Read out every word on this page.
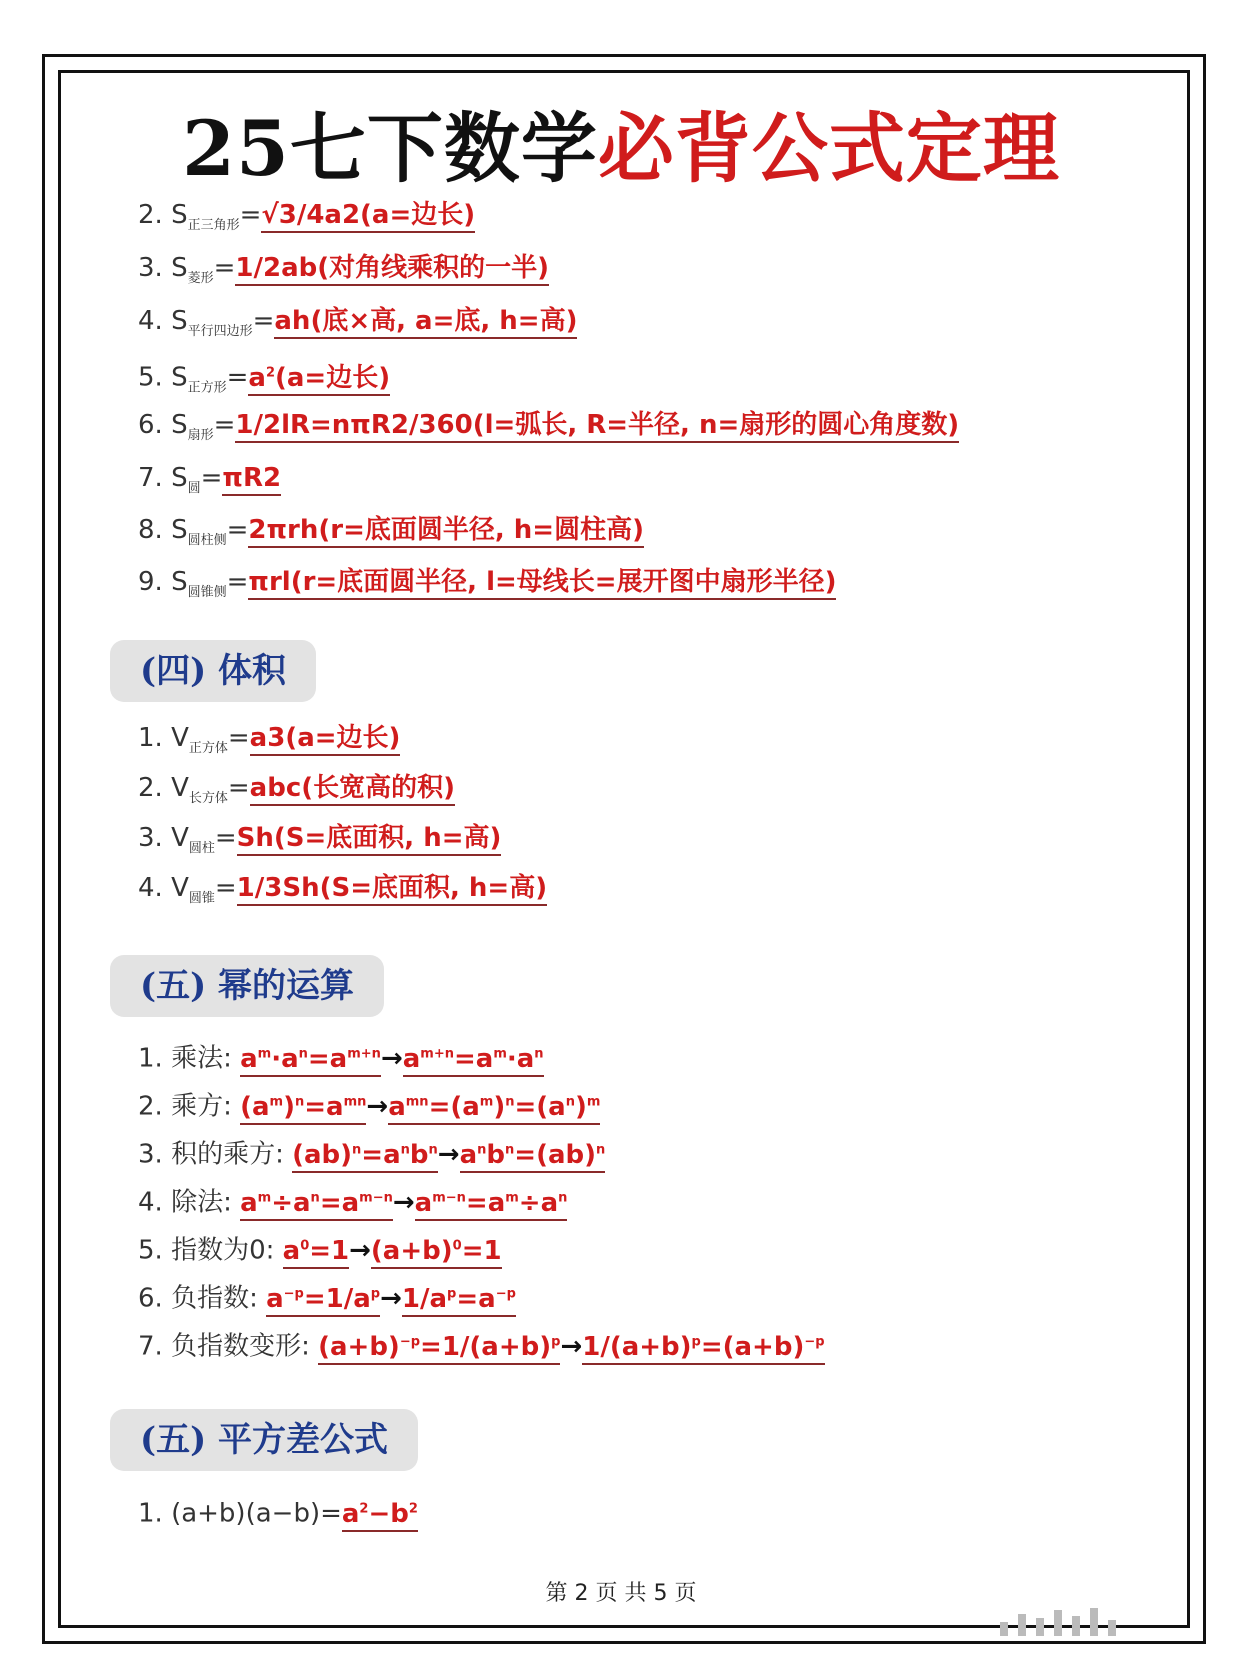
25七下数学必背公式定理
2. $S_{正三角形}=√3/4a2(a=$边长)
3. $S_{菱形}=1/2ab$(对角线乘积的一半)
4. $S_{平行四边形}=ah$(底×高, a=底, h=高)
5. $S_{正方形}=a^2(a=$边长)
6. $S_{扇形}=1/2lR=n\pi R2/360(l=$弧长, R=半径, n=扇形的圆心角度数)
7. $S_圆=\pi R2$
8. $S_{圆柱侧}=2\pi rh(r=$底面圆半径, h=圆柱高)
9. $S_{圆锥侧}=\pi rl(r=$底面圆半径, l=母线长=展开图中扇形半径)
(四) 体积
1. $V_{正方体}=a3(a=$边长)
2. $V_{长方体}=abc$(长宽高的积)
3. $V_{圆柱}=Sh(S=$底面积, h=高)
4. $V_{圆锥}=1/3Sh(S=$底面积, h=高)
(五) 幂的运算
1. 乘法: $a^m\cdot a^n=a^{m+n}\to a^{m+n}=a^m\cdot a^n$
2. 乘方: $(a^m)^n=a^{mn}\to a^{mn}=(a^m)^n=(a^n)^m$
3. 积的乘方: $(ab)^n=a^nb^n\to a^nb^n=(ab)^n$
4. 除法: $a^m\div a^n=a^{m-n}\to a^{m-n}=a^m\div a^n$
5. 指数为0: $a^0=1\to(a+b)^0=1$
6. 负指数: $a^{-p}=1/a^p\to 1/a^p=a^{-p}$
7. 负指数变形: $(a+b)^{-p}=1/(a+b)^p\to 1/(a+b)^p=(a+b)^{-p}$
(五) 平方差公式
1. $(a+b)(a-b)=a^2-b^2$
第 2 页 共 5 页
